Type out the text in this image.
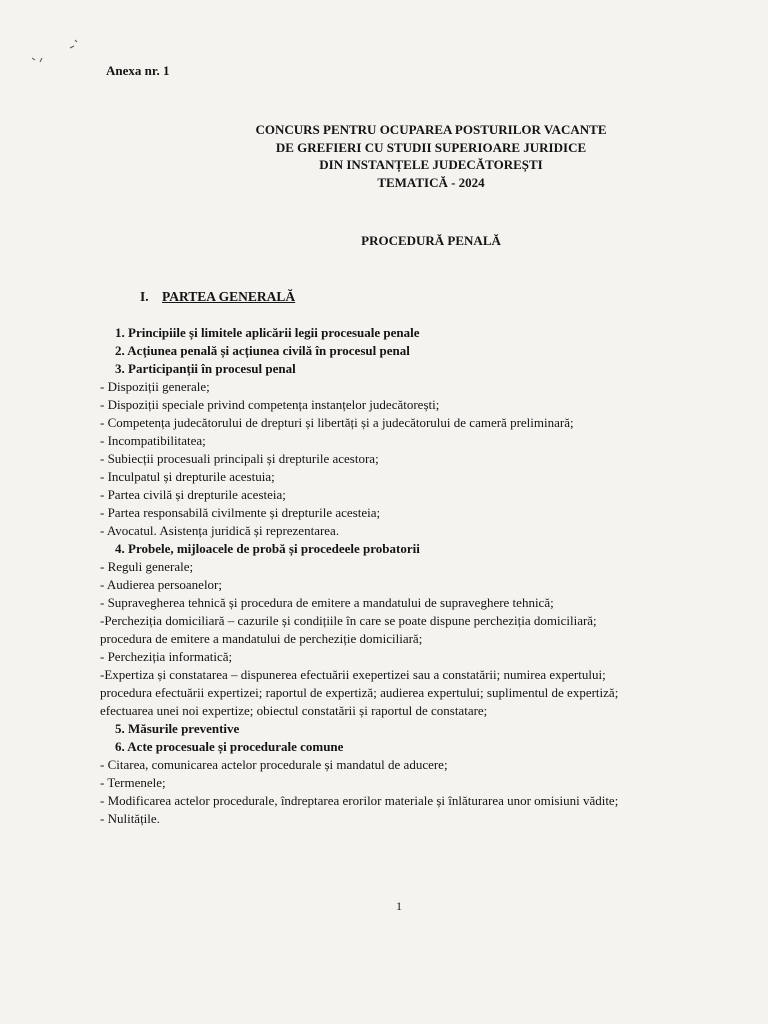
Anexa nr. 1
CONCURS PENTRU OCUPAREA POSTURILOR VACANTE
DE GREFIERI CU STUDII SUPERIOARE JURIDICE
DIN INSTANȚELE JUDECĂTOREȘTI
TEMATICĂ - 2024
PROCEDURĂ PENALĂ
I. PARTEA GENERALĂ
1. Principiile și limitele aplicării legii procesuale penale
2. Acțiunea penală și acțiunea civilă în procesul penal
3. Participanții în procesul penal
- Dispoziții generale;
- Dispoziții speciale privind competența instanțelor judecătorești;
- Competența judecătorului de drepturi și libertăți și a judecătorului de cameră preliminară;
- Incompatibilitatea;
- Subiecții procesuali principali și drepturile acestora;
- Inculpatul și drepturile acestuia;
- Partea civilă și drepturile acesteia;
- Partea responsabilă civilmente și drepturile acesteia;
- Avocatul. Asistența juridică și reprezentarea.
4. Probele, mijloacele de probă și procedeele probatorii
- Reguli generale;
- Audierea persoanelor;
- Supravegherea tehnică și procedura de emitere a mandatului de supraveghere tehnică;
-Percheziția domiciliară – cazurile și condițiile în care se poate dispune percheziția domiciliară;
procedura de emitere a mandatului de percheziție domiciliară;
- Percheziția informatică;
-Expertiza și constatarea – dispunerea efectuării exepertizei sau a constatării; numirea expertului;
procedura efectuării expertizei; raportul de expertiză; audierea expertului; suplimentul de expertiză;
efectuarea unei noi expertize; obiectul constatării și raportul de constatare;
5. Măsurile preventive
6. Acte procesuale și procedurale comune
- Citarea, comunicarea actelor procedurale și mandatul de aducere;
- Termenele;
- Modificarea actelor procedurale, îndreptarea erorilor materiale și înlăturarea unor omisiuni vădite;
- Nulitățile.
1
